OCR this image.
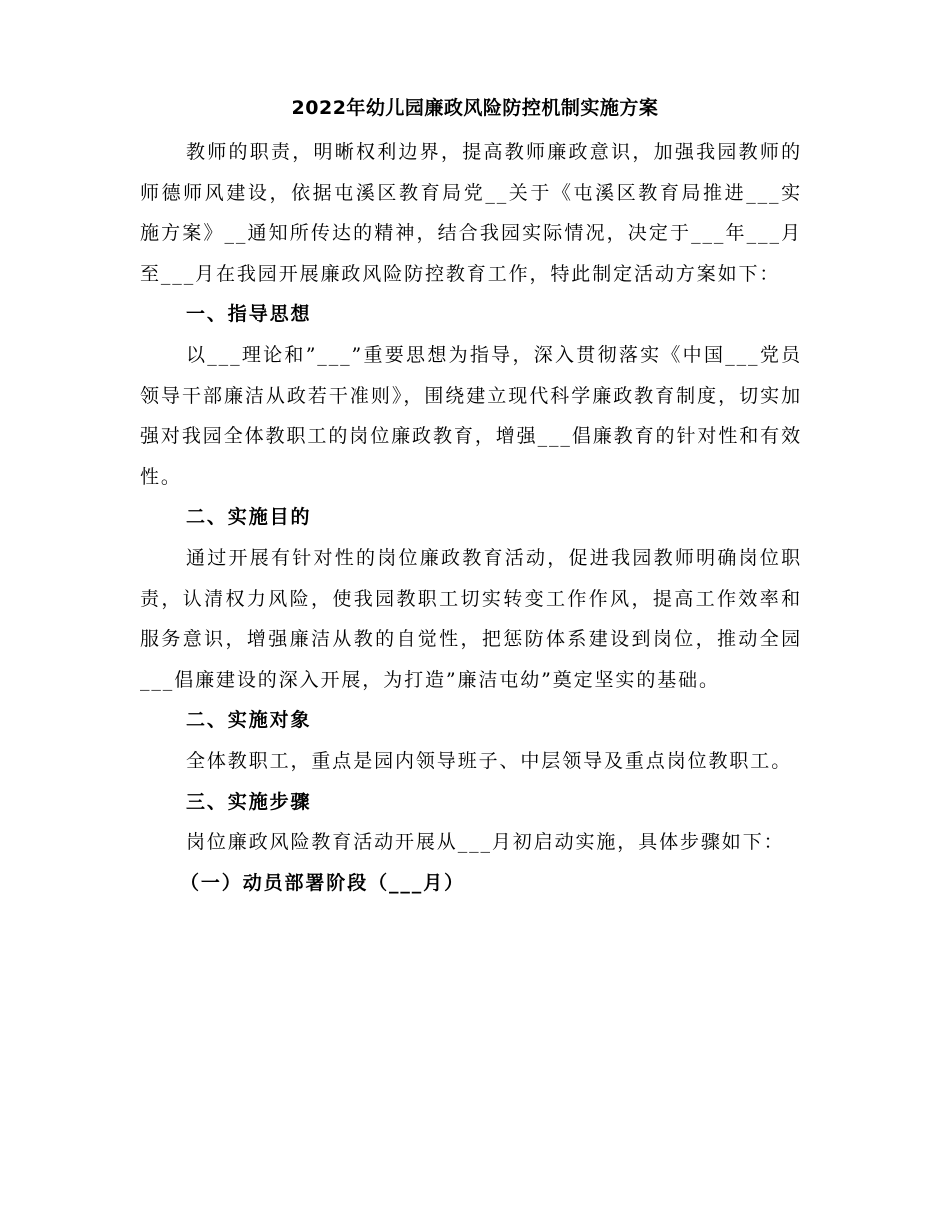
2022年幼儿园廉政风险防控机制实施方案

教师的职责，明晰权利边界，提高教师廉政意识，加强我园教师的师德师风建设，依据屯溪区教育局党__关于《屯溪区教育局推进___实施方案》__通知所传达的精神，结合我园实际情况，决定于___年___月至___月在我园开展廉政风险防控教育工作，特此制定活动方案如下：

一、指导思想

以___理论和”___”重要思想为指导，深入贯彻落实《中国___党员领导干部廉洁从政若干准则》，围绕建立现代科学廉政教育制度，切实加强对我园全体教职工的岗位廉政教育，增强___倡廉教育的针对性和有效性。

二、实施目的

通过开展有针对性的岗位廉政教育活动，促进我园教师明确岗位职责，认清权力风险，使我园教职工切实转变工作作风，提高工作效率和服务意识，增强廉洁从教的自觉性，把惩防体系建设到岗位，推动全园___倡廉建设的深入开展，为打造”廉洁屯幼”奠定坚实的基础。

二、实施对象

全体教职工，重点是园内领导班子、中层领导及重点岗位教职工。

三、实施步骤

岗位廉政风险教育活动开展从___月初启动实施，具体步骤如下：

（一）动员部署阶段（___月）
